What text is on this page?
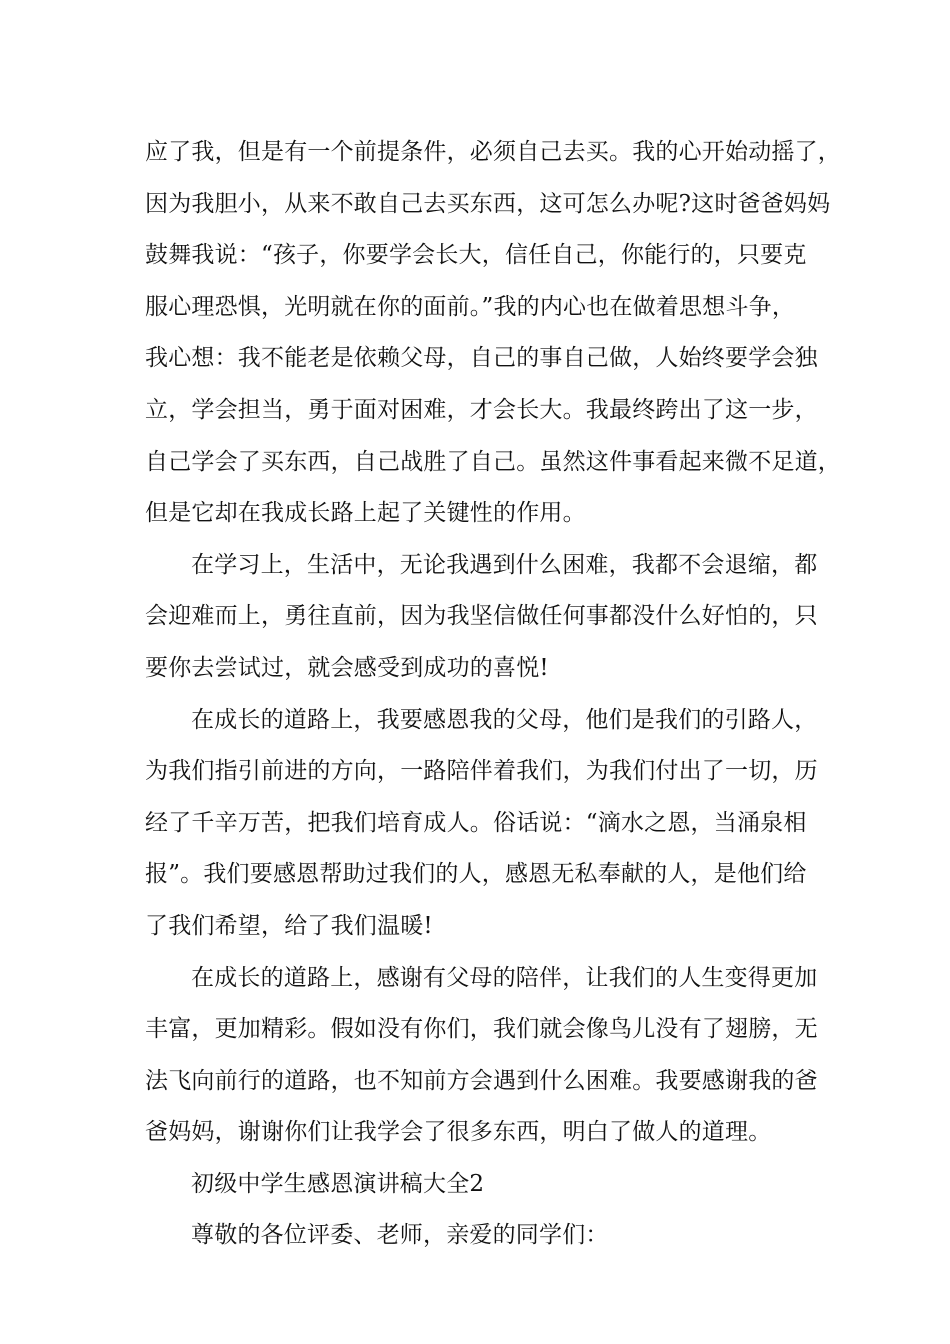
应了我，但是有一个前提条件，必须自己去买。我的心开始动摇了，
因为我胆小，从来不敢自己去买东西，这可怎么办呢?这时爸爸妈妈
鼓舞我说：“孩子，你要学会长大，信任自己，你能行的，只要克
服心理恐惧，光明就在你的面前。”我的内心也在做着思想斗争，
我心想：我不能老是依赖父母，自己的事自己做，人始终要学会独
立，学会担当，勇于面对困难，才会长大。我最终跨出了这一步，
自己学会了买东西，自己战胜了自己。虽然这件事看起来微不足道，
但是它却在我成长路上起了关键性的作用。
在学习上，生活中，无论我遇到什么困难，我都不会退缩，都
会迎难而上，勇往直前，因为我坚信做任何事都没什么好怕的，只
要你去尝试过，就会感受到成功的喜悦!
在成长的道路上，我要感恩我的父母，他们是我们的引路人，
为我们指引前进的方向，一路陪伴着我们，为我们付出了一切，历
经了千辛万苦，把我们培育成人。俗话说：“滴水之恩，当涌泉相
报”。我们要感恩帮助过我们的人，感恩无私奉献的人，是他们给
了我们希望，给了我们温暖!
在成长的道路上，感谢有父母的陪伴，让我们的人生变得更加
丰富，更加精彩。假如没有你们，我们就会像鸟儿没有了翅膀，无
法飞向前行的道路，也不知前方会遇到什么困难。我要感谢我的爸
爸妈妈，谢谢你们让我学会了很多东西，明白了做人的道理。
初级中学生感恩演讲稿大全2
尊敬的各位评委、老师，亲爱的同学们：
